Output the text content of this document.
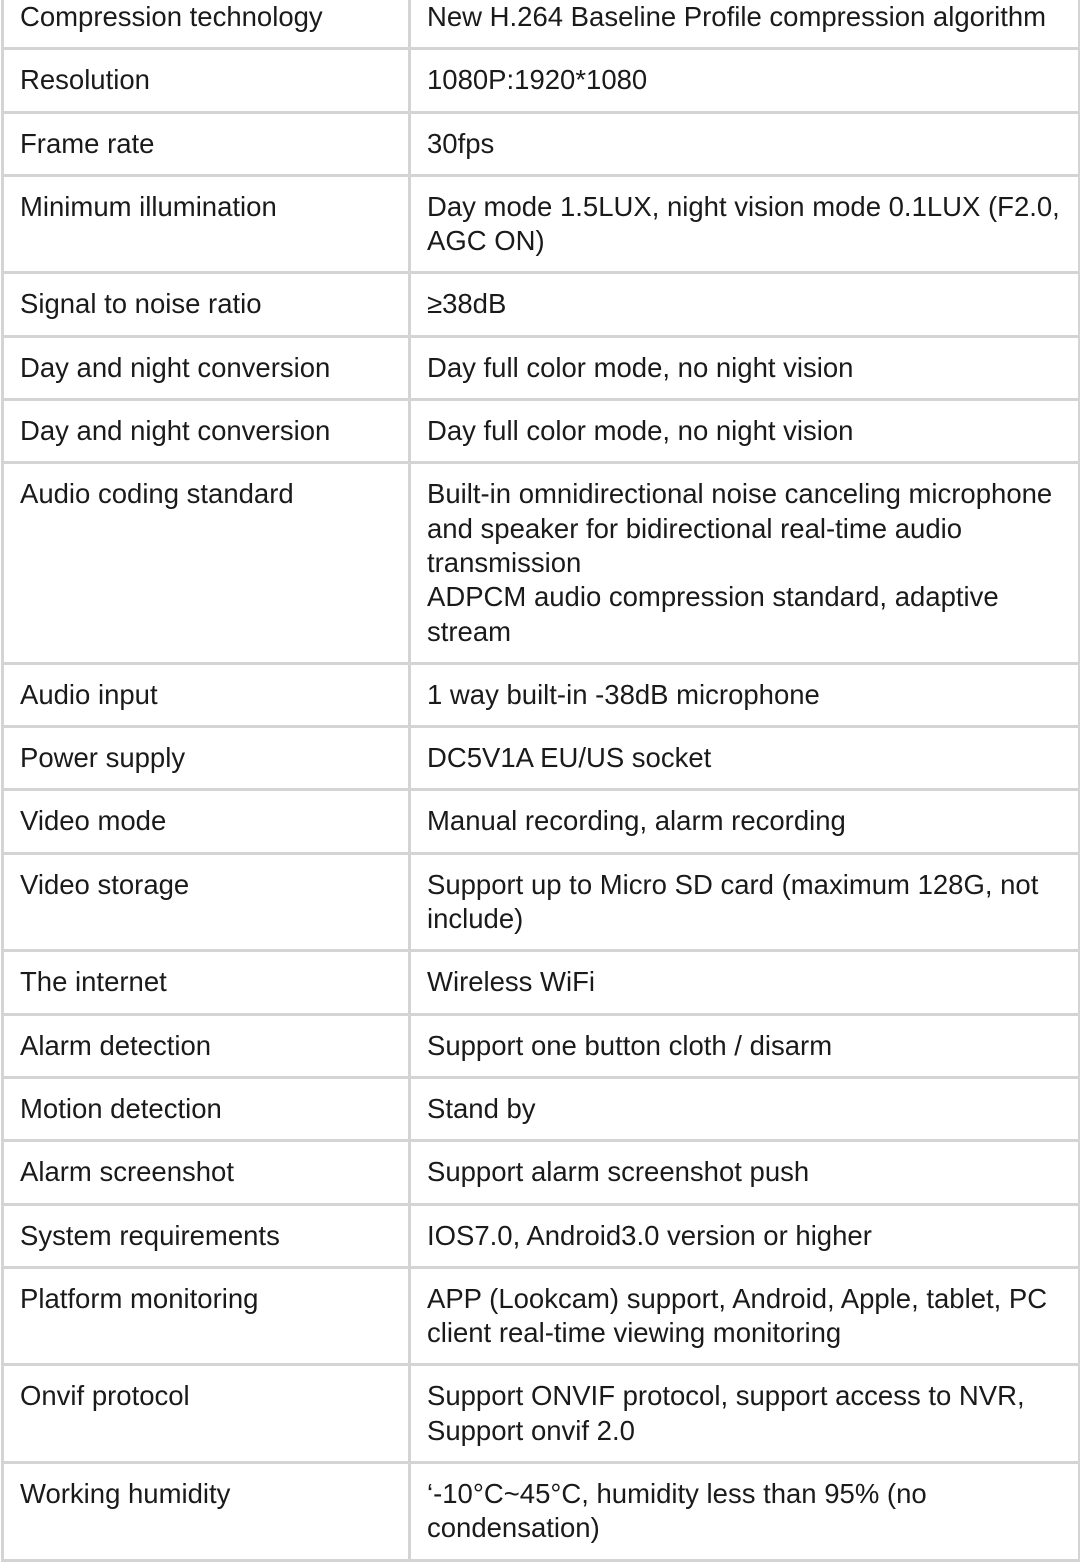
Compression technology	New H.264 Baseline Profile compression algorithm
Resolution	1080P:1920*1080
Frame rate	30fps
Minimum illumination	Day mode 1.5LUX, night vision mode 0.1LUX (F2.0, AGC ON)
Signal to noise ratio	≥38dB
Day and night conversion	Day full color mode, no night vision
Day and night conversion	Day full color mode, no night vision
Audio coding standard	Built-in omnidirectional noise canceling microphone and speaker for bidirectional real-time audio transmission
ADPCM audio compression standard, adaptive stream
Audio input	1 way built-in -38dB microphone
Power supply	DC5V1A EU/US socket
Video mode	Manual recording, alarm recording
Video storage	Support up to Micro SD card (maximum 128G, not include)
The internet	Wireless WiFi
Alarm detection	Support one button cloth / disarm
Motion detection	Stand by
Alarm screenshot	Support alarm screenshot push
System requirements	IOS7.0, Android3.0 version or higher
Platform monitoring	APP (Lookcam) support, Android, Apple, tablet, PC client real-time viewing monitoring
Onvif protocol	Support ONVIF protocol, support access to NVR, Support onvif 2.0
Working humidity	‘-10°C~45°C, humidity less than 95% (no condensation)
